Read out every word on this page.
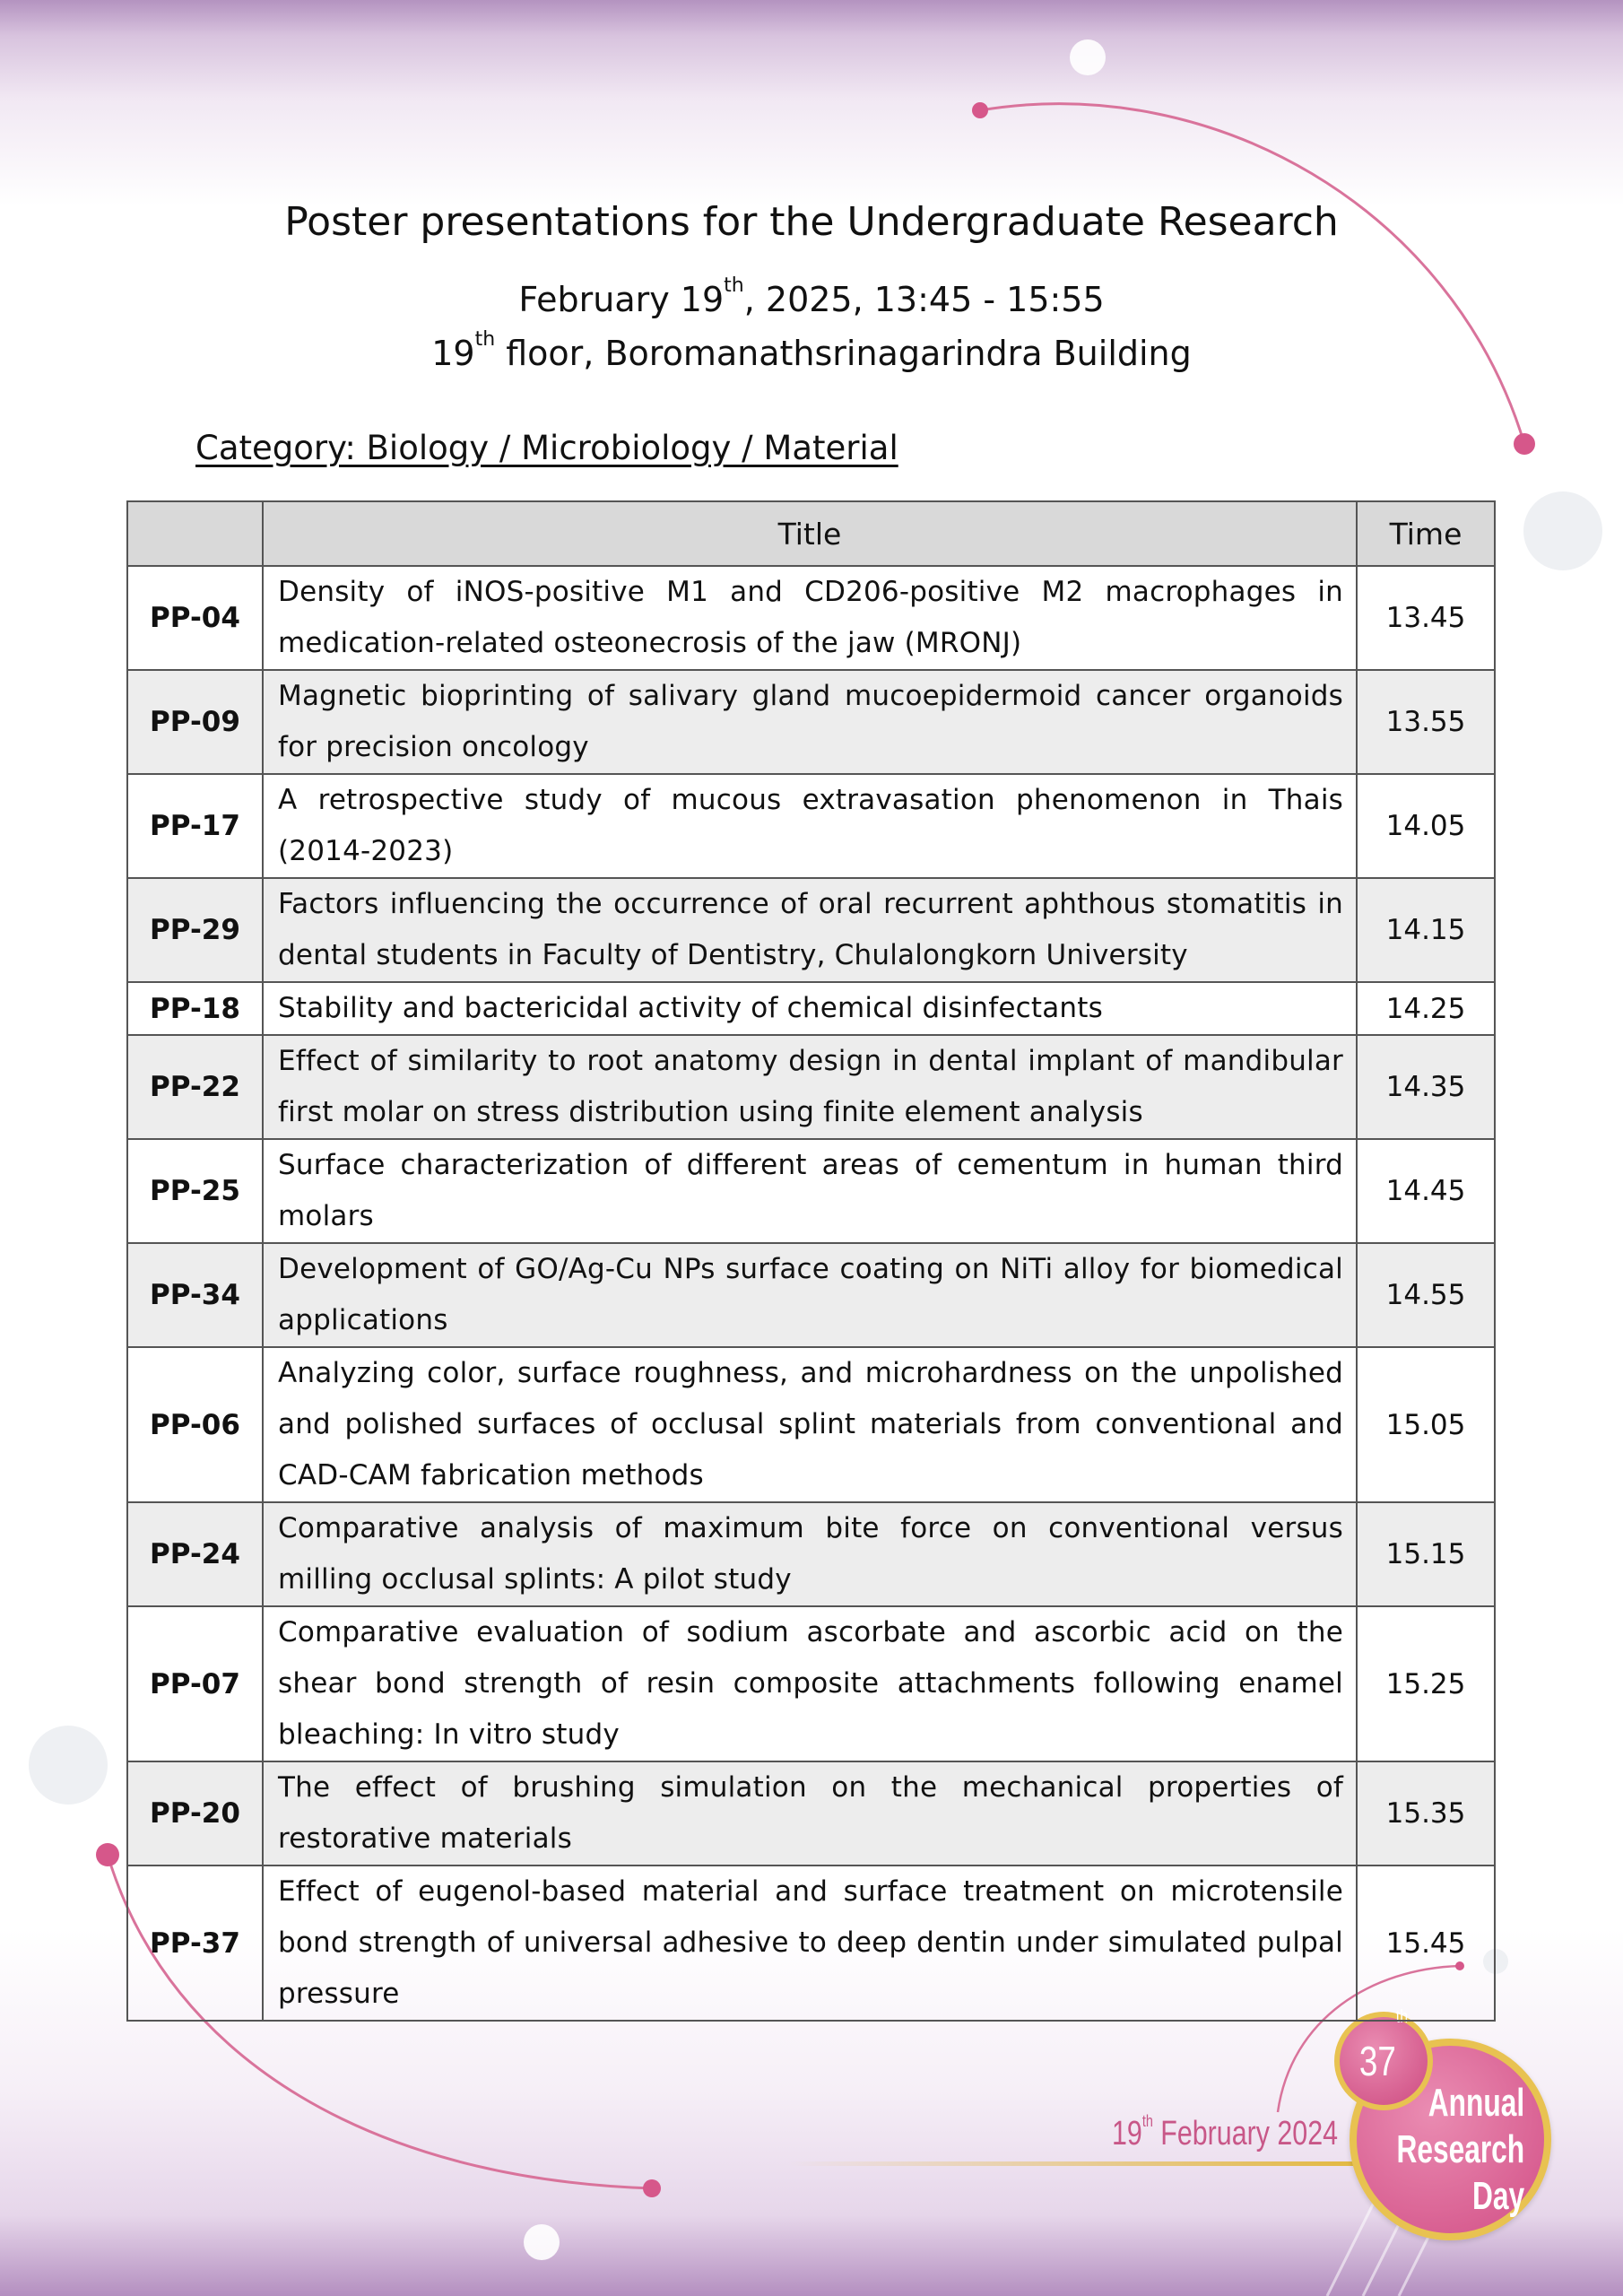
19th February 2024
Annual
Research
Day
37th
Poster presentations for the Undergraduate Research
February 19th, 2025, 13:45 - 15:55
19th floor, Boromanathsrinagarindra Building
Category: Biology / Microbiology / Material
	Title	Time
PP-04	Density of iNOS-positive M1 and CD206-positive M2 macrophages in medication-related osteonecrosis of the jaw (MRONJ)	13.45
PP-09	Magnetic bioprinting of salivary gland mucoepidermoid cancer organoids for precision oncology	13.55
PP-17	A retrospective study of mucous extravasation phenomenon in Thais (2014-2023)	14.05
PP-29	Factors influencing the occurrence of oral recurrent aphthous stomatitis in dental students in Faculty of Dentistry, Chulalongkorn University	14.15
PP-18	Stability and bactericidal activity of chemical disinfectants	14.25
PP-22	Effect of similarity to root anatomy design in dental implant of mandibular first molar on stress distribution using finite element analysis	14.35
PP-25	Surface characterization of different areas of cementum in human third molars	14.45
PP-34	Development of GO/Ag-Cu NPs surface coating on NiTi alloy for biomedical applications	14.55
PP-06	Analyzing color, surface roughness, and microhardness on the unpolished and polished surfaces of occlusal splint materials from conventional and CAD-CAM fabrication methods	15.05
PP-24	Comparative analysis of maximum bite force on conventional versus milling occlusal splints: A pilot study	15.15
PP-07	Comparative evaluation of sodium ascorbate and ascorbic acid on the shear bond strength of resin composite attachments following enamel bleaching: In vitro study	15.25
PP-20	The effect of brushing simulation on the mechanical properties of restorative materials	15.35
PP-37	Effect of eugenol-based material and surface treatment on microtensile bond strength of universal adhesive to deep dentin under simulated pulpal pressure	15.45
